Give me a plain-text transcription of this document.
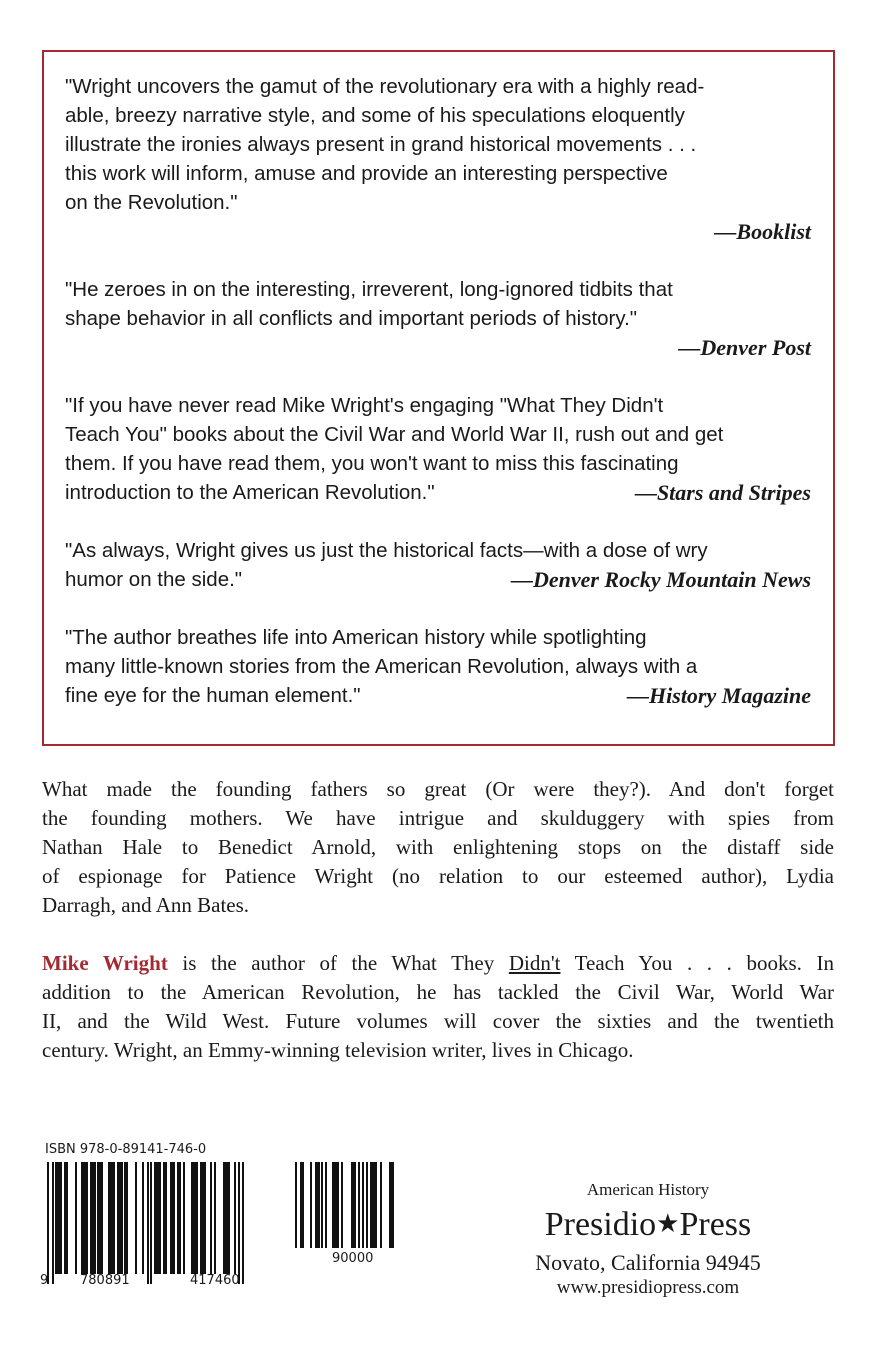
"Wright uncovers the gamut of the revolutionary era with a highly read-
able, breezy narrative style, and some of his speculations eloquently
illustrate the ironies always present in grand historical movements . . .
this work will inform, amuse and provide an interesting perspective
on the Revolution."
—Booklist
"He zeroes in on the interesting, irreverent, long-ignored tidbits that
shape behavior in all conflicts and important periods of history."
—Denver Post
"If you have never read Mike Wright's engaging "What They Didn't
Teach You" books about the Civil War and World War II, rush out and get
them. If you have read them, you won't want to miss this fascinating
introduction to the American Revolution."	—Stars and Stripes
"As always, Wright gives us just the historical facts—with a dose of wry
humor on the side."	—Denver Rocky Mountain News
"The author breathes life into American history while spotlighting
many little-known stories from the American Revolution, always with a
fine eye for the human element."	—History Magazine
What made the founding fathers so great (Or were they?). And don't forget
the founding mothers. We have intrigue and skulduggery with spies from
Nathan Hale to Benedict Arnold, with enlightening stops on the distaff side
of espionage for Patience Wright (no relation to our esteemed author), Lydia
Darragh, and Ann Bates.
Mike Wright is the author of the What They Didn't Teach You . . . books. In
addition to the American Revolution, he has tackled the Civil War, World War
II, and the Wild West. Future volumes will cover the sixties and the twentieth
century. Wright, an Emmy-winning television writer, lives in Chicago.
ISBN 978-0-89141-746-0
9 780891	417460
90000
American History
Presidio★Press
Novato, California 94945
www.presidiopress.com
